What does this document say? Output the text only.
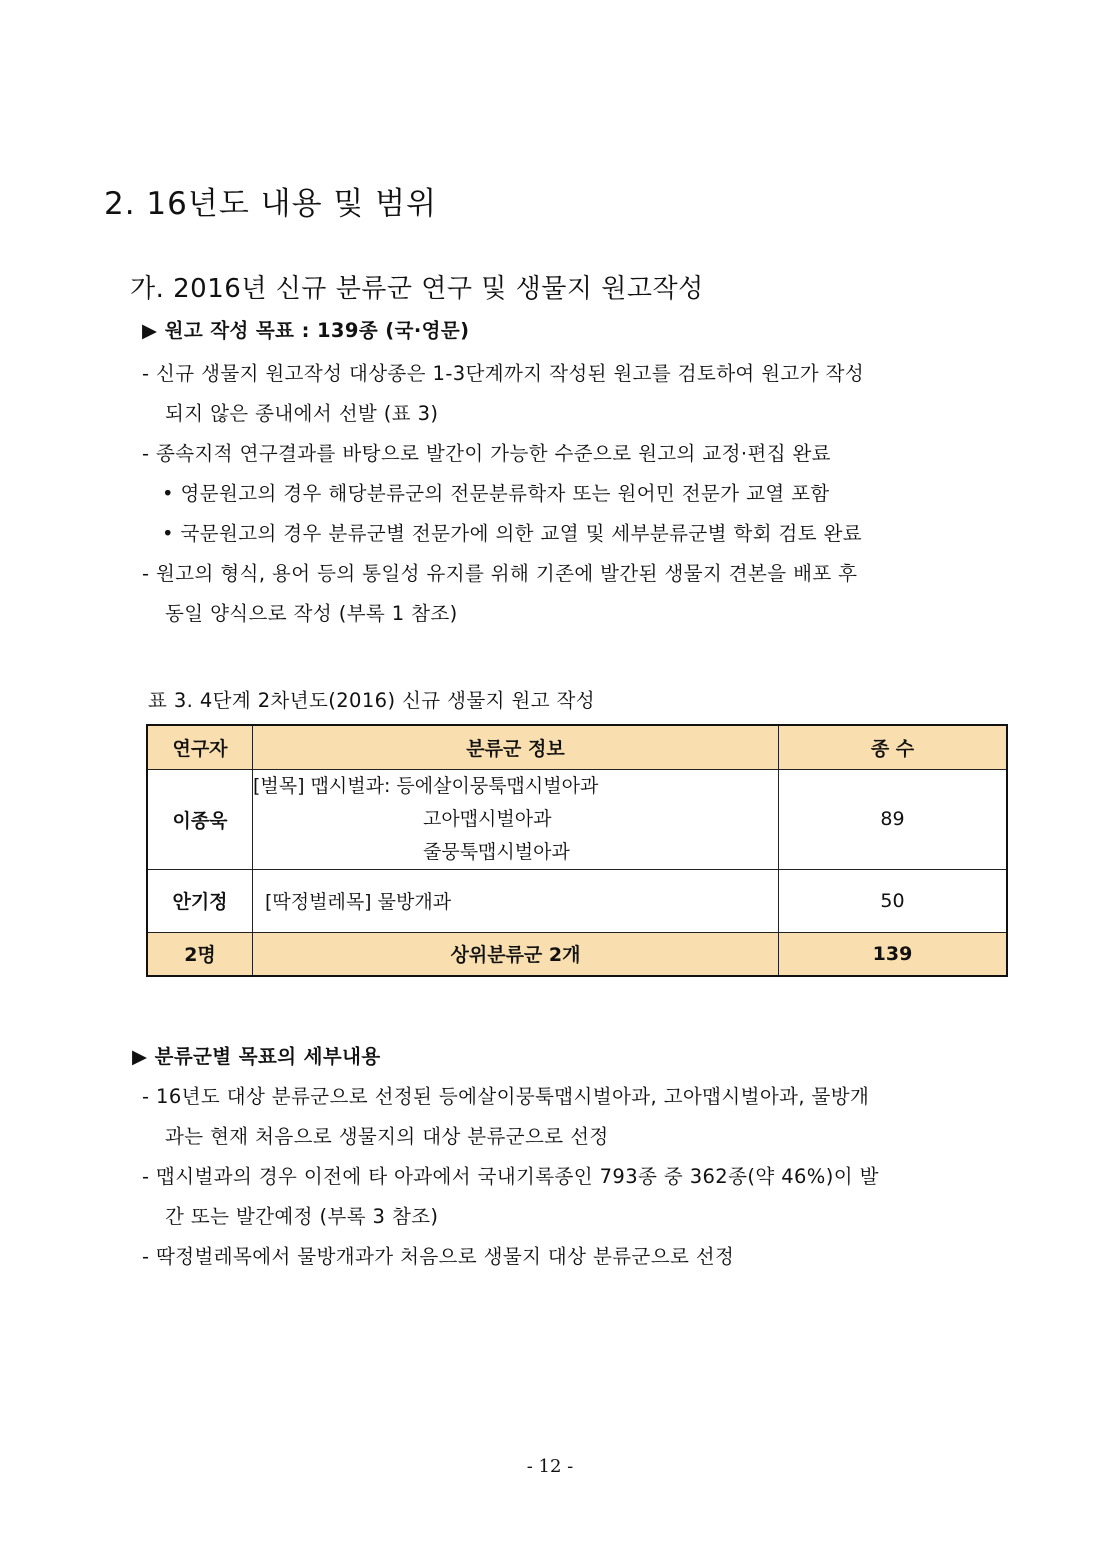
2. 16년도 내용 및 범위
가. 2016년 신규 분류군 연구 및 생물지 원고작성
▶ 원고 작성 목표 : 139종 (국·영문)
- 신규 생물지 원고작성 대상종은 1-3단계까지 작성된 원고를 검토하여 원고가 작성
되지 않은 종내에서 선발 (표 3)
- 종속지적 연구결과를 바탕으로 발간이 가능한 수준으로 원고의 교정·편집 완료
• 영문원고의 경우 해당분류군의 전문분류학자 또는 원어민 전문가 교열 포함
• 국문원고의 경우 분류군별 전문가에 의한 교열 및 세부분류군별 학회 검토 완료
- 원고의 형식, 용어 등의 통일성 유지를 위해 기존에 발간된 생물지 견본을 배포 후
동일 양식으로 작성 (부록 1 참조)
표 3. 4단계 2차년도(2016) 신규 생물지 원고 작성
연구자	분류군 정보	종 수
이종욱	[벌목] 맵시벌과: 등에살이뭉툭맵시벌아과
고아맵시벌아과
줄뭉툭맵시벌아과	89
안기정	[딱정벌레목] 물방개과	50
2명	상위분류군 2개	139
▶ 분류군별 목표의 세부내용
- 16년도 대상 분류군으로 선정된 등에살이뭉툭맵시벌아과, 고아맵시벌아과, 물방개
과는 현재 처음으로 생물지의 대상 분류군으로 선정
- 맵시벌과의 경우 이전에 타 아과에서 국내기록종인 793종 중 362종(약 46%)이 발
간 또는 발간예정 (부록 3 참조)
- 딱정벌레목에서 물방개과가 처음으로 생물지 대상 분류군으로 선정
- 12 -
